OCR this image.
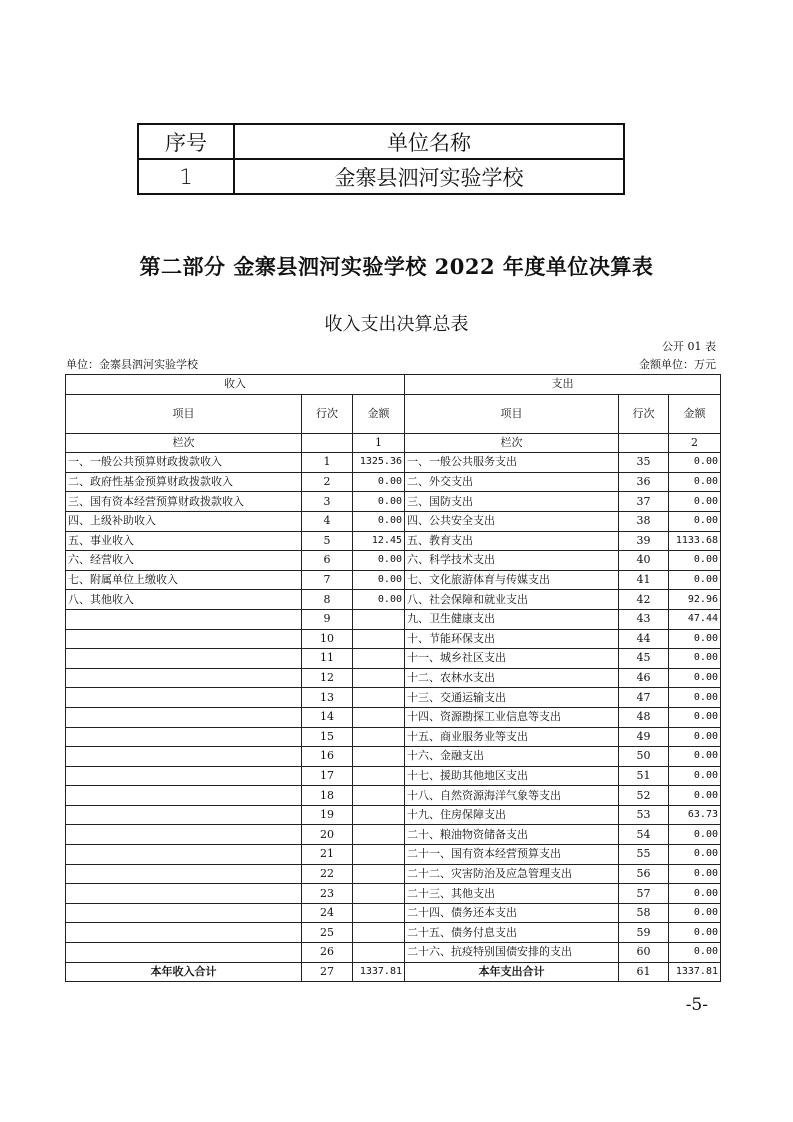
序号	单位名称
1	金寨县泗河实验学校
第二部分 金寨县泗河实验学校 2022 年度单位决算表
收入支出决算总表
公开 01 表
单位：金寨县泗河实验学校	金额单位：万元
收入			支出		
项目	行次	金额	项目	行次	金额
栏次		1	栏次		2
一、一般公共预算财政拨款收入	1	1325.36	一、一般公共服务支出	35	0.00
二、政府性基金预算财政拨款收入	2	0.00	二、外交支出	36	0.00
三、国有资本经营预算财政拨款收入	3	0.00	三、国防支出	37	0.00
四、上级补助收入	4	0.00	四、公共安全支出	38	0.00
五、事业收入	5	12.45	五、教育支出	39	1133.68
六、经营收入	6	0.00	六、科学技术支出	40	0.00
七、附属单位上缴收入	7	0.00	七、文化旅游体育与传媒支出	41	0.00
八、其他收入	8	0.00	八、社会保障和就业支出	42	92.96
	9		九、卫生健康支出	43	47.44
	10		十、节能环保支出	44	0.00
	11		十一、城乡社区支出	45	0.00
	12		十二、农林水支出	46	0.00
	13		十三、交通运输支出	47	0.00
	14		十四、资源勘探工业信息等支出	48	0.00
	15		十五、商业服务业等支出	49	0.00
	16		十六、金融支出	50	0.00
	17		十七、援助其他地区支出	51	0.00
	18		十八、自然资源海洋气象等支出	52	0.00
	19		十九、住房保障支出	53	63.73
	20		二十、粮油物资储备支出	54	0.00
	21		二十一、国有资本经营预算支出	55	0.00
	22		二十二、灾害防治及应急管理支出	56	0.00
	23		二十三、其他支出	57	0.00
	24		二十四、债务还本支出	58	0.00
	25		二十五、债务付息支出	59	0.00
	26		二十六、抗疫特别国债安排的支出	60	0.00
本年收入合计	27	1337.81	本年支出合计	61	1337.81
-5-
